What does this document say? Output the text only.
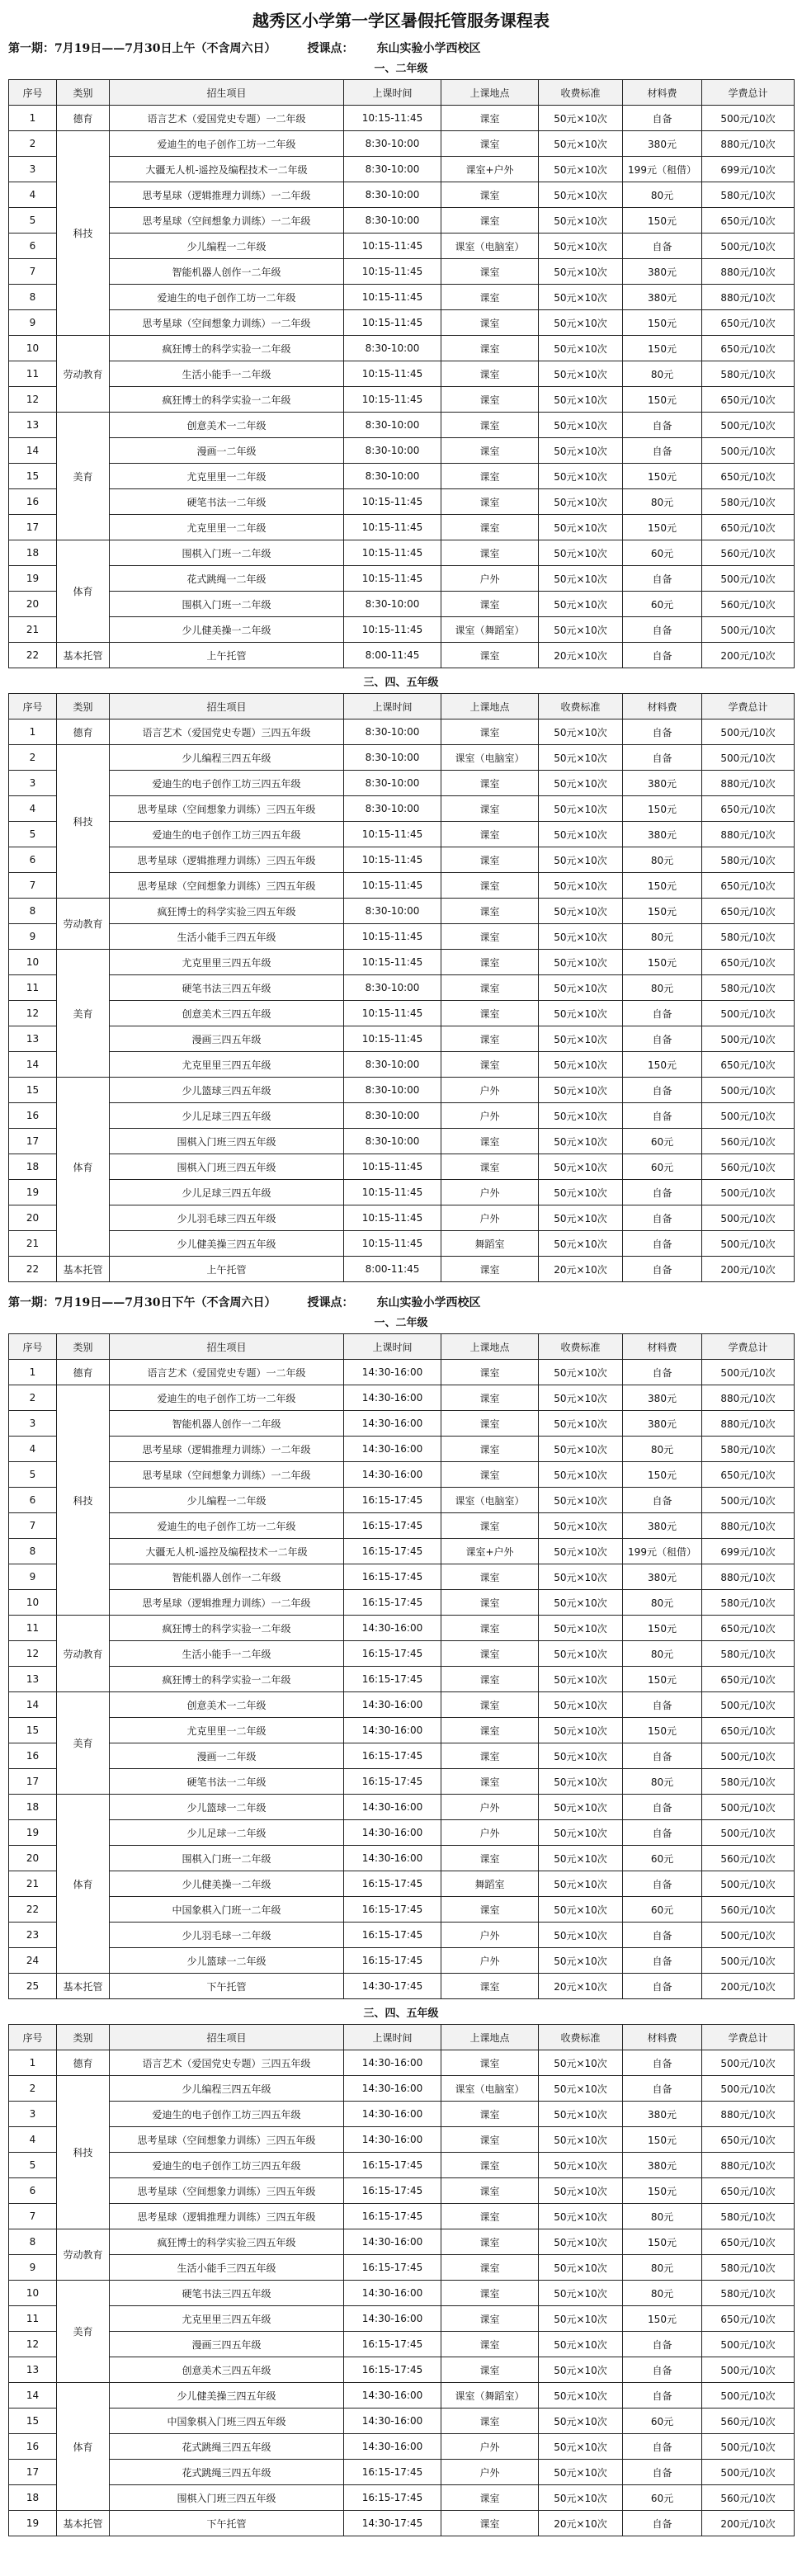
越秀区小学第一学区暑假托管服务课程表
第一期：7月19日——7月30日上午（不含周六日）	授课点： 东山实验小学西校区
一、二年级
序号	类别	招生项目	上课时间	上课地点	收费标准	材料费	学费总计
1	德育	语言艺术（爱国党史专题）一二年级	10:15-11:45	课室	50元×10次	自备	500元/10次
2	科技	爱迪生的电子创作工坊一二年级	8:30-10:00	课室	50元×10次	380元	880元/10次
3		大疆无人机-遥控及编程技术一二年级	8:30-10:00	课室+户外	50元×10次	199元（租借）	699元/10次
4		思考星球（逻辑推理力训练）一二年级	8:30-10:00	课室	50元×10次	80元	580元/10次
5		思考星球（空间想象力训练）一二年级	8:30-10:00	课室	50元×10次	150元	650元/10次
6		少儿编程一二年级	10:15-11:45	课室（电脑室）	50元×10次	自备	500元/10次
7		智能机器人创作一二年级	10:15-11:45	课室	50元×10次	380元	880元/10次
8		爱迪生的电子创作工坊一二年级	10:15-11:45	课室	50元×10次	380元	880元/10次
9		思考星球（空间想象力训练）一二年级	10:15-11:45	课室	50元×10次	150元	650元/10次
10	劳动教育	疯狂博士的科学实验一二年级	8:30-10:00	课室	50元×10次	150元	650元/10次
11		生活小能手一二年级	10:15-11:45	课室	50元×10次	80元	580元/10次
12		疯狂博士的科学实验一二年级	10:15-11:45	课室	50元×10次	150元	650元/10次
13	美育	创意美术一二年级	8:30-10:00	课室	50元×10次	自备	500元/10次
14		漫画一二年级	8:30-10:00	课室	50元×10次	自备	500元/10次
15		尤克里里一二年级	8:30-10:00	课室	50元×10次	150元	650元/10次
16		硬笔书法一二年级	10:15-11:45	课室	50元×10次	80元	580元/10次
17		尤克里里一二年级	10:15-11:45	课室	50元×10次	150元	650元/10次
18	体育	围棋入门班一二年级	10:15-11:45	课室	50元×10次	60元	560元/10次
19		花式跳绳一二年级	10:15-11:45	户外	50元×10次	自备	500元/10次
20		围棋入门班一二年级	8:30-10:00	课室	50元×10次	60元	560元/10次
21		少儿健美操一二年级	10:15-11:45	课室（舞蹈室）	50元×10次	自备	500元/10次
22	基本托管	上午托管	8:00-11:45	课室	20元×10次	自备	200元/10次
三、四、五年级
序号	类别	招生项目	上课时间	上课地点	收费标准	材料费	学费总计
1	德育	语言艺术（爱国党史专题）三四五年级	8:30-10:00	课室	50元×10次	自备	500元/10次
2	科技	少儿编程三四五年级	8:30-10:00	课室（电脑室）	50元×10次	自备	500元/10次
3		爱迪生的电子创作工坊三四五年级	8:30-10:00	课室	50元×10次	380元	880元/10次
4		思考星球（空间想象力训练）三四五年级	8:30-10:00	课室	50元×10次	150元	650元/10次
5		爱迪生的电子创作工坊三四五年级	10:15-11:45	课室	50元×10次	380元	880元/10次
6		思考星球（逻辑推理力训练）三四五年级	10:15-11:45	课室	50元×10次	80元	580元/10次
7		思考星球（空间想象力训练）三四五年级	10:15-11:45	课室	50元×10次	150元	650元/10次
8	劳动教育	疯狂博士的科学实验三四五年级	8:30-10:00	课室	50元×10次	150元	650元/10次
9		生活小能手三四五年级	10:15-11:45	课室	50元×10次	80元	580元/10次
10	美育	尤克里里三四五年级	10:15-11:45	课室	50元×10次	150元	650元/10次
11		硬笔书法三四五年级	8:30-10:00	课室	50元×10次	80元	580元/10次
12		创意美术三四五年级	10:15-11:45	课室	50元×10次	自备	500元/10次
13		漫画三四五年级	10:15-11:45	课室	50元×10次	自备	500元/10次
14		尤克里里三四五年级	8:30-10:00	课室	50元×10次	150元	650元/10次
15	体育	少儿篮球三四五年级	8:30-10:00	户外	50元×10次	自备	500元/10次
16		少儿足球三四五年级	8:30-10:00	户外	50元×10次	自备	500元/10次
17		围棋入门班三四五年级	8:30-10:00	课室	50元×10次	60元	560元/10次
18		围棋入门班三四五年级	10:15-11:45	课室	50元×10次	60元	560元/10次
19		少儿足球三四五年级	10:15-11:45	户外	50元×10次	自备	500元/10次
20		少儿羽毛球三四五年级	10:15-11:45	户外	50元×10次	自备	500元/10次
21		少儿健美操三四五年级	10:15-11:45	舞蹈室	50元×10次	自备	500元/10次
22	基本托管	上午托管	8:00-11:45	课室	20元×10次	自备	200元/10次
第一期：7月19日——7月30日下午（不含周六日）	授课点： 东山实验小学西校区
一、二年级
序号	类别	招生项目	上课时间	上课地点	收费标准	材料费	学费总计
1	德育	语言艺术（爱国党史专题）一二年级	14:30-16:00	课室	50元×10次	自备	500元/10次
2	科技	爱迪生的电子创作工坊一二年级	14:30-16:00	课室	50元×10次	380元	880元/10次
3		智能机器人创作一二年级	14:30-16:00	课室	50元×10次	380元	880元/10次
4		思考星球（逻辑推理力训练）一二年级	14:30-16:00	课室	50元×10次	80元	580元/10次
5		思考星球（空间想象力训练）一二年级	14:30-16:00	课室	50元×10次	150元	650元/10次
6		少儿编程一二年级	16:15-17:45	课室（电脑室）	50元×10次	自备	500元/10次
7		爱迪生的电子创作工坊一二年级	16:15-17:45	课室	50元×10次	380元	880元/10次
8		大疆无人机-遥控及编程技术一二年级	16:15-17:45	课室+户外	50元×10次	199元（租借）	699元/10次
9		智能机器人创作一二年级	16:15-17:45	课室	50元×10次	380元	880元/10次
10		思考星球（逻辑推理力训练）一二年级	16:15-17:45	课室	50元×10次	80元	580元/10次
11	劳动教育	疯狂博士的科学实验一二年级	14:30-16:00	课室	50元×10次	150元	650元/10次
12		生活小能手一二年级	16:15-17:45	课室	50元×10次	80元	580元/10次
13		疯狂博士的科学实验一二年级	16:15-17:45	课室	50元×10次	150元	650元/10次
14	美育	创意美术一二年级	14:30-16:00	课室	50元×10次	自备	500元/10次
15		尤克里里一二年级	14:30-16:00	课室	50元×10次	150元	650元/10次
16		漫画一二年级	16:15-17:45	课室	50元×10次	自备	500元/10次
17		硬笔书法一二年级	16:15-17:45	课室	50元×10次	80元	580元/10次
18	体育	少儿篮球一二年级	14:30-16:00	户外	50元×10次	自备	500元/10次
19		少儿足球一二年级	14:30-16:00	户外	50元×10次	自备	500元/10次
20		围棋入门班一二年级	14:30-16:00	课室	50元×10次	60元	560元/10次
21		少儿健美操一二年级	16:15-17:45	舞蹈室	50元×10次	自备	500元/10次
22		中国象棋入门班一二年级	16:15-17:45	课室	50元×10次	60元	560元/10次
23		少儿羽毛球一二年级	16:15-17:45	户外	50元×10次	自备	500元/10次
24		少儿篮球一二年级	16:15-17:45	户外	50元×10次	自备	500元/10次
25	基本托管	下午托管	14:30-17:45	课室	20元×10次	自备	200元/10次
三、四、五年级
序号	类别	招生项目	上课时间	上课地点	收费标准	材料费	学费总计
1	德育	语言艺术（爱国党史专题）三四五年级	14:30-16:00	课室	50元×10次	自备	500元/10次
2	科技	少儿编程三四五年级	14:30-16:00	课室（电脑室）	50元×10次	自备	500元/10次
3		爱迪生的电子创作工坊三四五年级	14:30-16:00	课室	50元×10次	380元	880元/10次
4		思考星球（空间想象力训练）三四五年级	14:30-16:00	课室	50元×10次	150元	650元/10次
5		爱迪生的电子创作工坊三四五年级	16:15-17:45	课室	50元×10次	380元	880元/10次
6		思考星球（空间想象力训练）三四五年级	16:15-17:45	课室	50元×10次	150元	650元/10次
7		思考星球（逻辑推理力训练）三四五年级	16:15-17:45	课室	50元×10次	80元	580元/10次
8	劳动教育	疯狂博士的科学实验三四五年级	14:30-16:00	课室	50元×10次	150元	650元/10次
9		生活小能手三四五年级	16:15-17:45	课室	50元×10次	80元	580元/10次
10	美育	硬笔书法三四五年级	14:30-16:00	课室	50元×10次	80元	580元/10次
11		尤克里里三四五年级	14:30-16:00	课室	50元×10次	150元	650元/10次
12		漫画三四五年级	16:15-17:45	课室	50元×10次	自备	500元/10次
13		创意美术三四五年级	16:15-17:45	课室	50元×10次	自备	500元/10次
14	体育	少儿健美操三四五年级	14:30-16:00	课室（舞蹈室）	50元×10次	自备	500元/10次
15		中国象棋入门班三四五年级	14:30-16:00	课室	50元×10次	60元	560元/10次
16		花式跳绳三四五年级	14:30-16:00	户外	50元×10次	自备	500元/10次
17		花式跳绳三四五年级	16:15-17:45	户外	50元×10次	自备	500元/10次
18		围棋入门班三四五年级	16:15-17:45	课室	50元×10次	60元	560元/10次
19	基本托管	下午托管	14:30-17:45	课室	20元×10次	自备	200元/10次
